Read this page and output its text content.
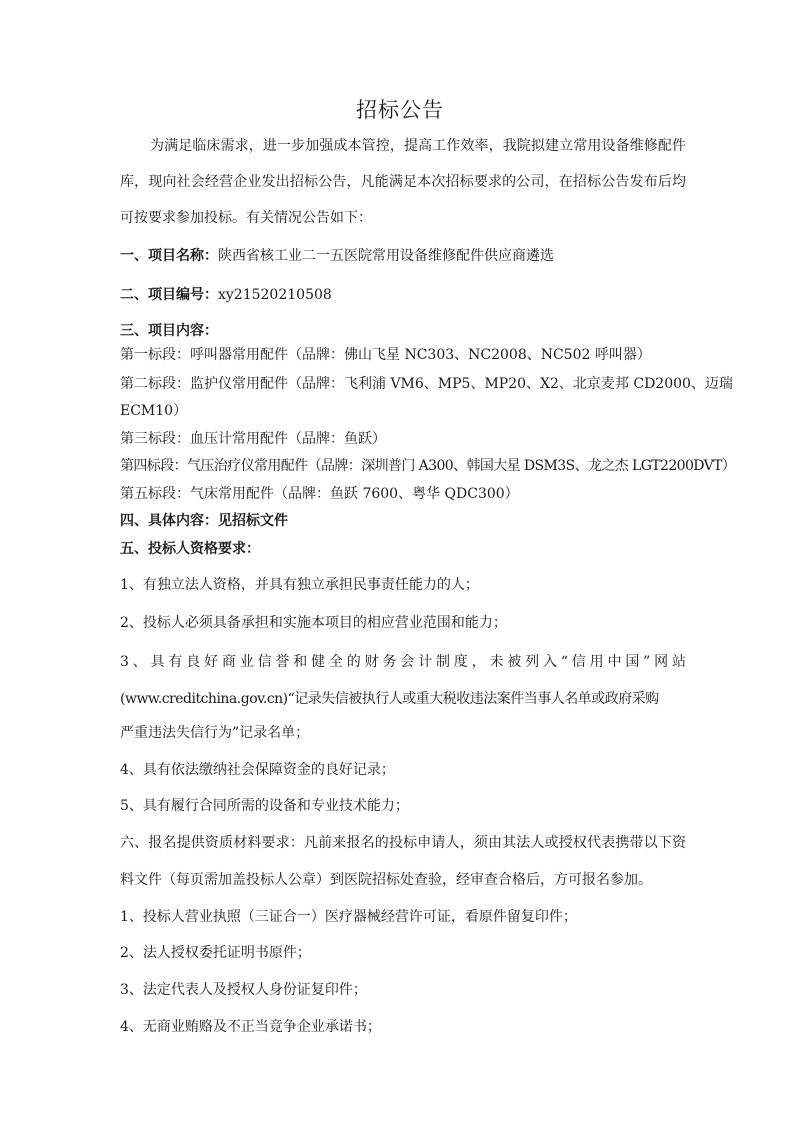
招标公告
为满足临床需求，进一步加强成本管控，提高工作效率，我院拟建立常用设备维修配件
库，现向社会经营企业发出招标公告，凡能满足本次招标要求的公司，在招标公告发布后均
可按要求参加投标。有关情况公告如下：
一、项目名称：陕西省核工业二一五医院常用设备维修配件供应商遴选
二、项目编号：xy21520210508
三、项目内容：
第一标段：呼叫器常用配件（品牌：佛山飞星 NC303、NC2008、NC502 呼叫器）
第二标段：监护仪常用配件（品牌：飞利浦 VM6、MP5、MP20、X2、北京麦邦 CD2000、迈瑞
ECM10）
第三标段：血压计常用配件（品牌：鱼跃）
第四标段：气压治疗仪常用配件（品牌：深圳普门 A300、韩国大星 DSM3S、龙之杰 LGT2200DVT）
第五标段：气床常用配件（品牌：鱼跃 7600、粤华 QDC300）
四、具体内容：见招标文件
五、投标人资格要求：
1、有独立法人资格，并具有独立承担民事责任能力的人；
2、投标人必须具备承担和实施本项目的相应营业范围和能力；
3、具有良好商业信誉和健全的财务会计制度，未被列入“信用中国”网站
(www.creditchina.gov.cn)“记录失信被执行人或重大税收违法案件当事人名单或政府采购
严重违法失信行为”记录名单；
4、具有依法缴纳社会保障资金的良好记录；
5、具有履行合同所需的设备和专业技术能力；
六、报名提供资质材料要求：凡前来报名的投标申请人，须由其法人或授权代表携带以下资
料文件（每页需加盖投标人公章）到医院招标处查验，经审查合格后，方可报名参加。
1、投标人营业执照（三证合一）医疗器械经营许可证，看原件留复印件；
2、法人授权委托证明书原件；
3、法定代表人及授权人身份证复印件；
4、无商业贿赂及不正当竞争企业承诺书；
